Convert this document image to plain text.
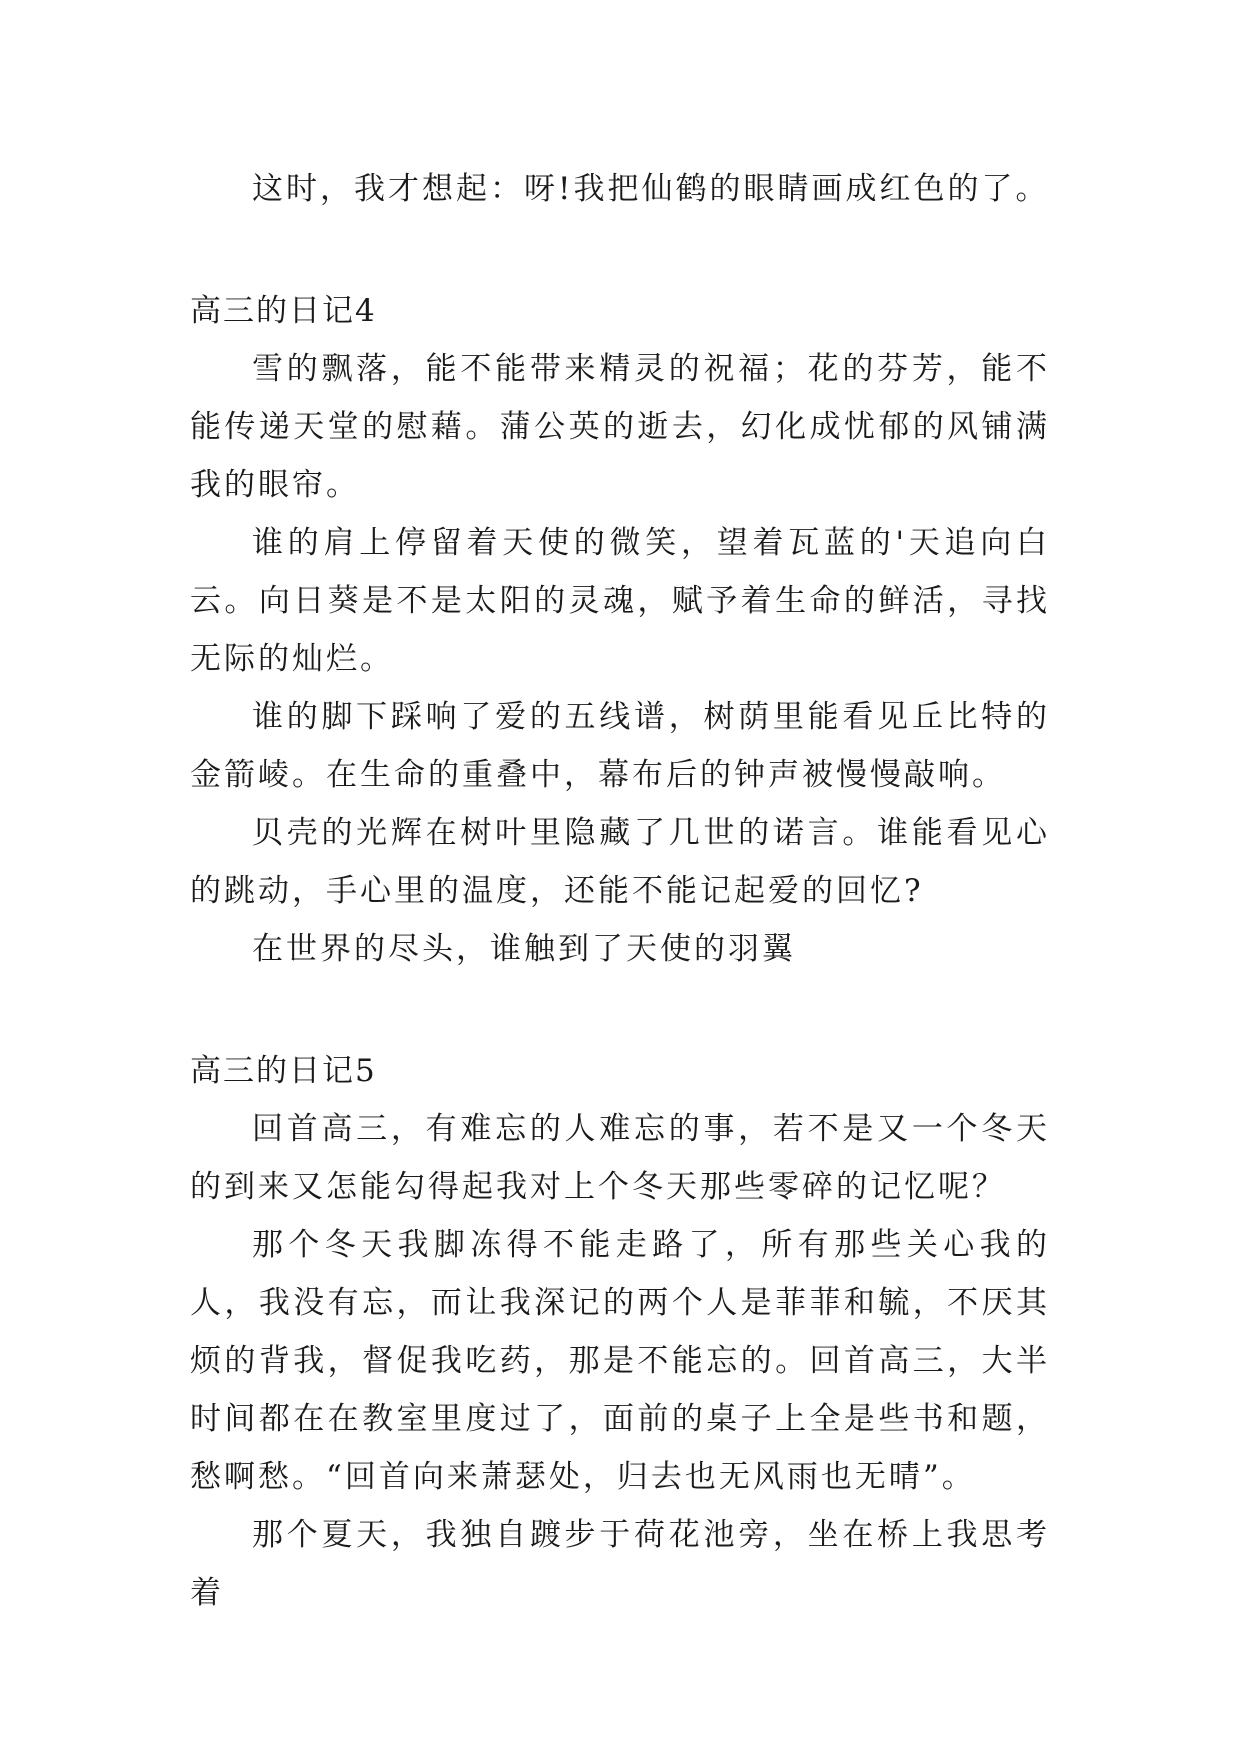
这时，我才想起：呀!我把仙鹤的眼睛画成红色的了。

高三的日记4

雪的飘落，能不能带来精灵的祝福；花的芬芳，能不能传递天堂的慰藉。蒲公英的逝去，幻化成忧郁的风铺满我的眼帘。

谁的肩上停留着天使的微笑，望着瓦蓝的'天追向白云。向日葵是不是太阳的灵魂，赋予着生命的鲜活，寻找无际的灿烂。

谁的脚下踩响了爱的五线谱，树荫里能看见丘比特的金箭崚。在生命的重叠中，幕布后的钟声被慢慢敲响。

贝壳的光辉在树叶里隐藏了几世的诺言。谁能看见心的跳动，手心里的温度，还能不能记起爱的回忆?

在世界的尽头，谁触到了天使的羽翼

高三的日记5

回首高三，有难忘的人难忘的事，若不是又一个冬天的到来又怎能勾得起我对上个冬天那些零碎的记忆呢？

那个冬天我脚冻得不能走路了，所有那些关心我的人，我没有忘，而让我深记的两个人是菲菲和毓，不厌其烦的背我，督促我吃药，那是不能忘的。回首高三，大半时间都在在教室里度过了，面前的桌子上全是些书和题，愁啊愁。“回首向来萧瑟处，归去也无风雨也无晴”。

那个夏天，我独自踱步于荷花池旁，坐在桥上我思考着
